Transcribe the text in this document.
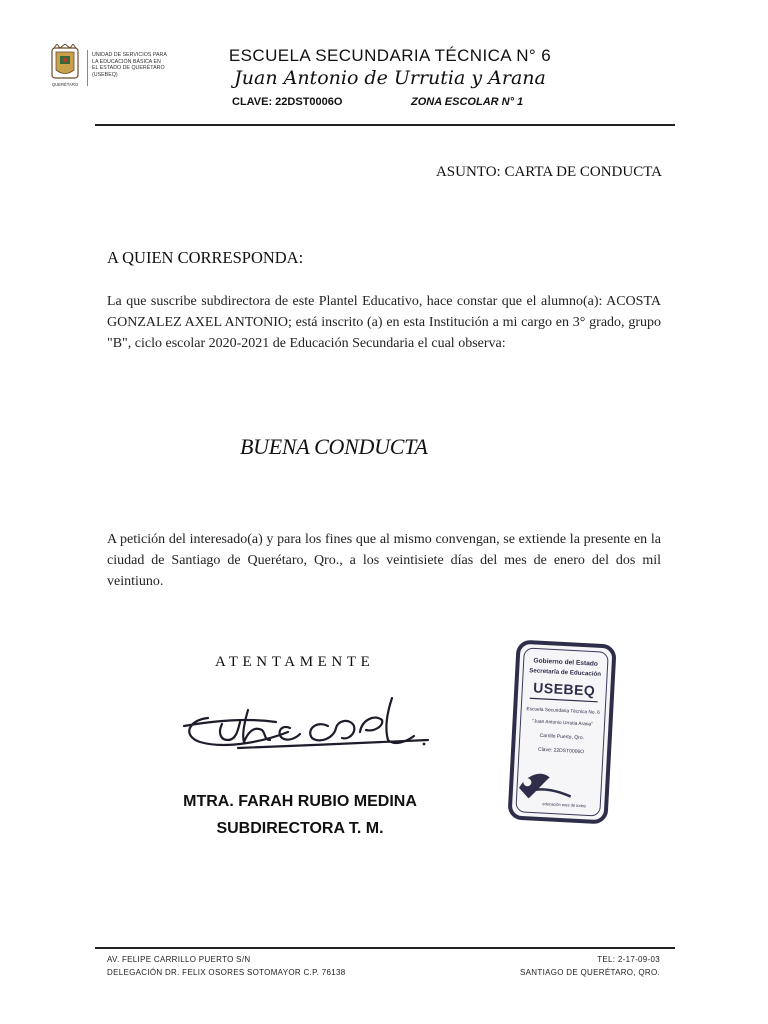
QUERÉTARO
UNIDAD DE SERVICIOS PARA
LA EDUCACIÓN BÁSICA EN
EL ESTADO DE QUERÉTARO
(USEBEQ)
ESCUELA SECUNDARIA TÉCNICA N° 6
Juan Antonio de Urrutia y Arana
CLAVE: 22DST0006O	ZONA ESCOLAR N° 1
ASUNTO: CARTA DE CONDUCTA
A QUIEN CORRESPONDA:
La que suscribe subdirectora de este Plantel Educativo, hace constar que el alumno(a): ACOSTA GONZALEZ AXEL ANTONIO; está inscrito (a) en esta Institución a mi cargo en 3° grado, grupo "B", ciclo escolar 2020-2021 de Educación Secundaria el cual observa:
BUENA CONDUCTA
A petición del interesado(a) y para los fines que al mismo convengan, se extiende la presente en la ciudad de Santiago de Querétaro, Qro., a los veintisiete días del mes de enero del dos mil veintiuno.
ATENTAMENTE
MTRA. FARAH RUBIO MEDINA
SUBDIRECTORA T. M.
Gobierno del Estado
Secretaría de Educación
USEBEQ
Escuela Secundaria Técnica No. 6
"Juan Antonio Urrutia Arana"
Carrillo Puerto, Qro.
Clave: 22DST0006O
educación eres de todos
AV. FELIPE CARRILLO PUERTO S/N
DELEGACIÓN DR. FELIX OSORES SOTOMAYOR C.P. 76138
TEL: 2-17-09-03
SANTIAGO DE QUERÉTARO, QRO.
